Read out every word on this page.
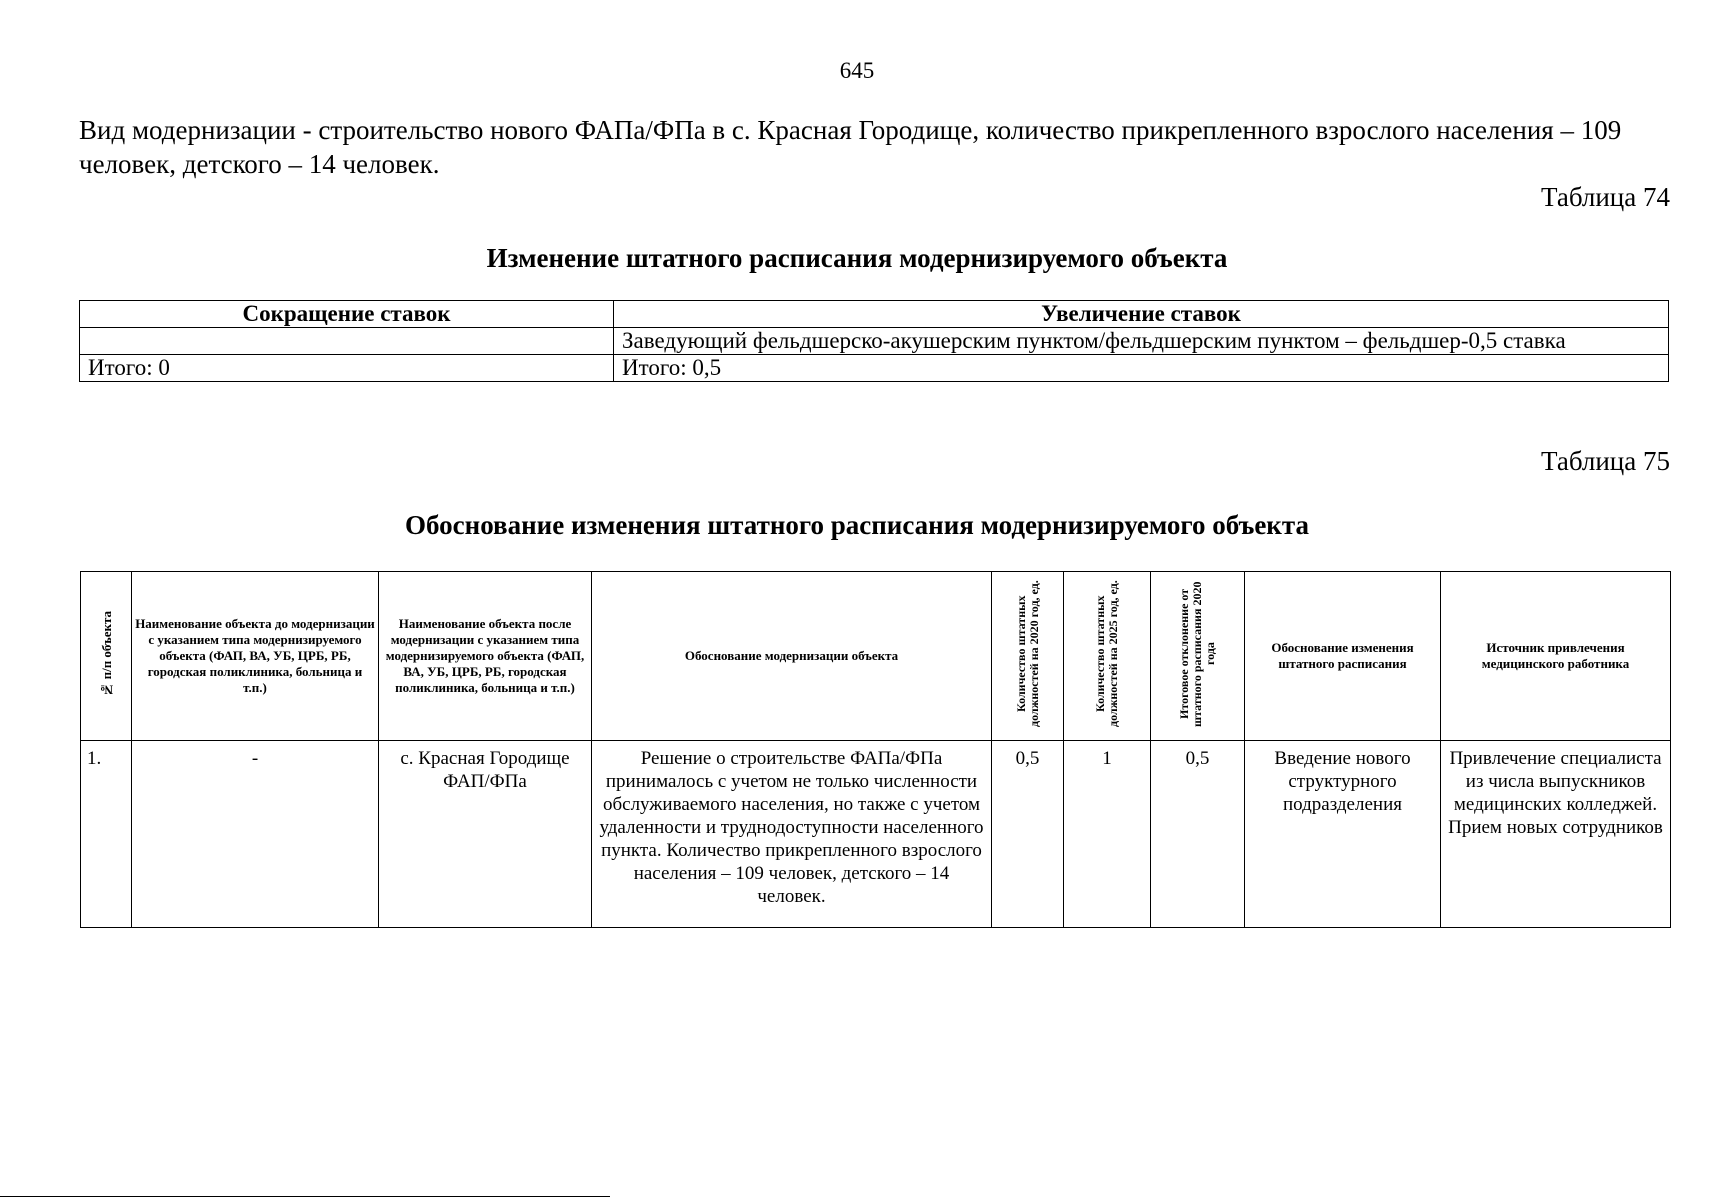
645
Вид модернизации - строительство нового ФАПа/ФПа в с. Красная Городище, количество прикрепленного взрослого населения – 109 человек, детского – 14 человек.
Таблица 74
Изменение штатного расписания модернизируемого объекта
Сокращение ставок	Увеличение ставок
	Заведующий фельдшерско-акушерским пунктом/фельдшерским пунктом – фельдшер-0,5 ставка
Итого: 0	Итого: 0,5
Таблица 75
Обоснование изменения штатного расписания модернизируемого объекта
№ п/п объекта	Наименование объекта до модернизации с указанием типа модернизируемого объекта (ФАП, ВА, УБ, ЦРБ, РБ, городская поликлиника, больница и т.п.)	Наименование объекта после модернизации с указанием типа модернизируемого объекта (ФАП, ВА, УБ, ЦРБ, РБ, городская поликлиника, больница и т.п.)	Обоснование модернизации объекта	Количество штатных должностей на 2020 год, ед.	Количество штатных должностей на 2025 год, ед.	Итоговое отклонение от штатного расписания 2020 года	Обоснование изменения штатного расписания	Источник привлечения медицинского работника
1.	-	с. Красная Городище ФАП/ФПа	Решение о строительстве ФАПа/ФПа принималось с учетом не только численности обслуживаемого населения, но также с учетом удаленности и труднодоступности населенного пункта. Количество прикрепленного взрослого населения – 109 человек, детского – 14 человек.	0,5	1	0,5	Введение нового структурного подразделения	Привлечение специалиста из числа выпускников медицинских колледжей. Прием новых сотрудников
